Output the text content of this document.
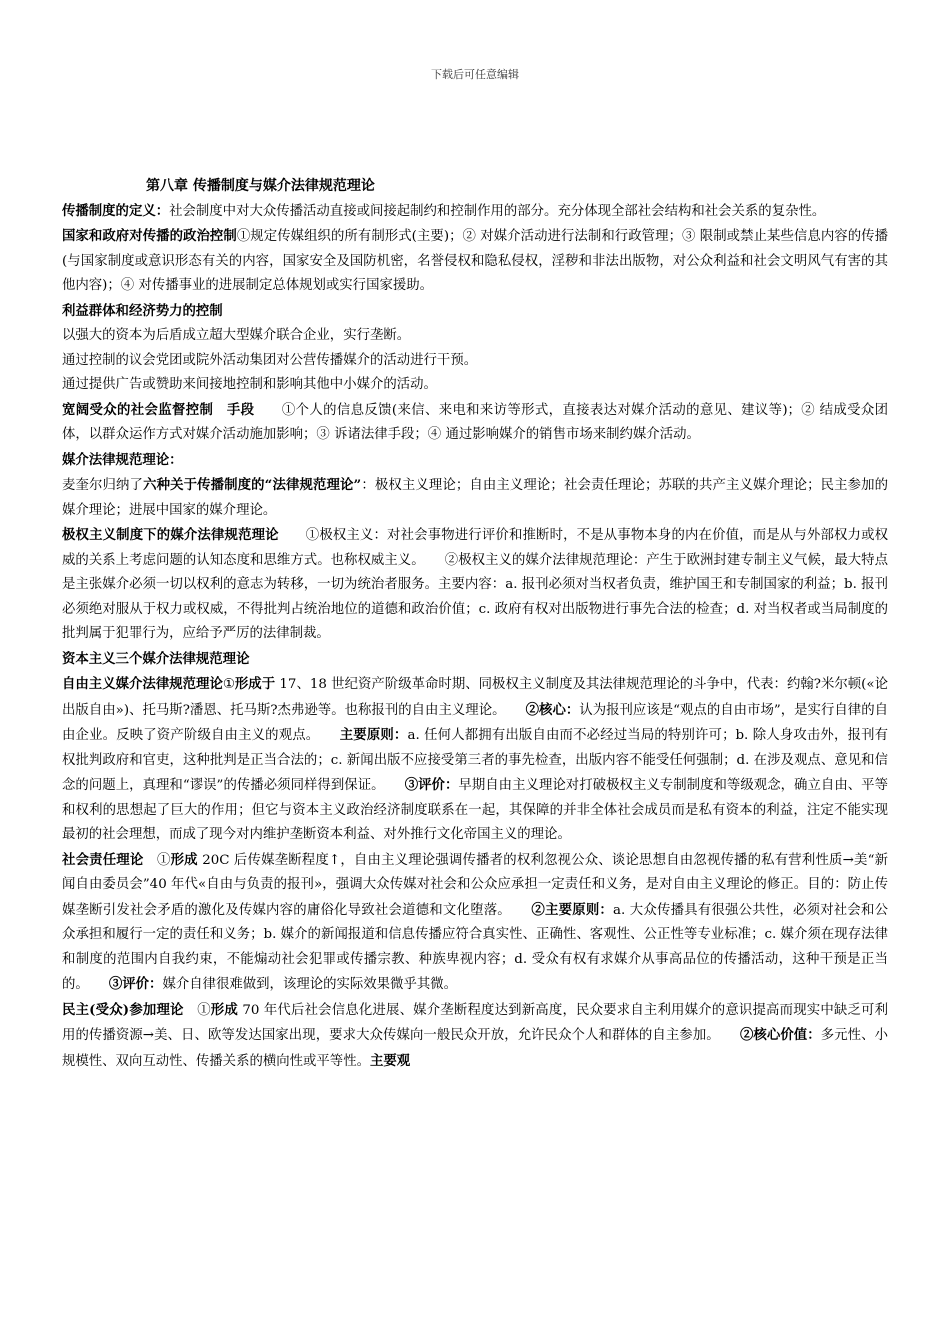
下载后可任意编辑
第八章 传播制度与媒介法律规范理论
传播制度的定义：社会制度中对大众传播活动直接或间接起制约和控制作用的部分。充分体现全部社会结构和社会关系的复杂性。
国家和政府对传播的政治控制①规定传媒组织的所有制形式(主要)；② 对媒介活动进行法制和行政管理；③ 限制或禁止某些信息内容的传播(与国家制度或意识形态有关的内容，国家安全及国防机密，名誉侵权和隐私侵权，淫秽和非法出版物，对公众利益和社会文明风气有害的其他内容)；④ 对传播事业的进展制定总体规划或实行国家援助。
利益群体和经济势力的控制
以强大的资本为后盾成立超大型媒介联合企业，实行垄断。
通过控制的议会党团或院外活动集团对公营传播媒介的活动进行干预。
通过提供广告或赞助来间接地控制和影响其他中小媒介的活动。
宽阔受众的社会监督控制　手段　　①个人的信息反馈(来信、来电和来访等形式，直接表达对媒介活动的意见、建议等)；② 结成受众团体，以群众运作方式对媒介活动施加影响；③ 诉诸法律手段；④ 通过影响媒介的销售市场来制约媒介活动。
媒介法律规范理论：
麦奎尔归纳了六种关于传播制度的“法律规范理论”：极权主义理论；自由主义理论；社会责任理论；苏联的共产主义媒介理论；民主参加的媒介理论；进展中国家的媒介理论。
极权主义制度下的媒介法律规范理论　　①极权主义：对社会事物进行评价和推断时，不是从事物本身的内在价值，而是从与外部权力或权威的关系上考虑问题的认知态度和思维方式。也称权威主义。　　②极权主义的媒介法律规范理论：产生于欧洲封建专制主义气候，最大特点是主张媒介必须一切以权利的意志为转移，一切为统治者服务。主要内容：a. 报刊必须对当权者负责，维护国王和专制国家的利益；b. 报刊必须绝对服从于权力或权威，不得批判占统治地位的道德和政治价值；c. 政府有权对出版物进行事先合法的检查；d. 对当权者或当局制度的批判属于犯罪行为，应给予严厉的法律制裁。
资本主义三个媒介法律规范理论
自由主义媒介法律规范理论①形成于 17、18 世纪资产阶级革命时期、同极权主义制度及其法律规范理论的斗争中，代表：约翰?米尔顿(«论出版自由»)、托马斯?潘恩、托马斯?杰弗逊等。也称报刊的自由主义理论。　　②核心：认为报刊应该是“观点的自由市场”，是实行自律的自由企业。反映了资产阶级自由主义的观点。　　主要原则：a. 任何人都拥有出版自由而不必经过当局的特别许可；b. 除人身攻击外，报刊有权批判政府和官吏，这种批判是正当合法的；c. 新闻出版不应接受第三者的事先检查，出版内容不能受任何强制；d. 在涉及观点、意见和信念的问题上，真理和“谬误”的传播必须同样得到保证。　　③评价：早期自由主义理论对打破极权主义专制制度和等级观念，确立自由、平等和权利的思想起了巨大的作用；但它与资本主义政治经济制度联系在一起，其保障的并非全体社会成员而是私有资本的利益，注定不能实现最初的社会理想，而成了现今对内维护垄断资本利益、对外推行文化帝国主义的理论。
社会责任理论　①形成 20C 后传媒垄断程度↑，自由主义理论强调传播者的权利忽视公众、谈论思想自由忽视传播的私有营利性质→美“新闻自由委员会”40 年代«自由与负责的报刊»，强调大众传媒对社会和公众应承担一定责任和义务，是对自由主义理论的修正。目的：防止传媒垄断引发社会矛盾的激化及传媒内容的庸俗化导致社会道德和文化堕落。　　②主要原则：a. 大众传播具有很强公共性，必须对社会和公众承担和履行一定的责任和义务；b. 媒介的新闻报道和信息传播应符合真实性、正确性、客观性、公正性等专业标准；c. 媒介须在现存法律和制度的范围内自我约束，不能煽动社会犯罪或传播宗教、种族卑视内容；d. 受众有权有求媒介从事高品位的传播活动，这种干预是正当的。　　③评价：媒介自律很难做到，该理论的实际效果微乎其微。
民主(受众)参加理论　①形成 70 年代后社会信息化进展、媒介垄断程度达到新高度，民众要求自主利用媒介的意识提高而现实中缺乏可利用的传播资源→美、日、欧等发达国家出现，要求大众传媒向一般民众开放，允许民众个人和群体的自主参加。　　②核心价值：多元性、小规模性、双向互动性、传播关系的横向性或平等性。主要观
